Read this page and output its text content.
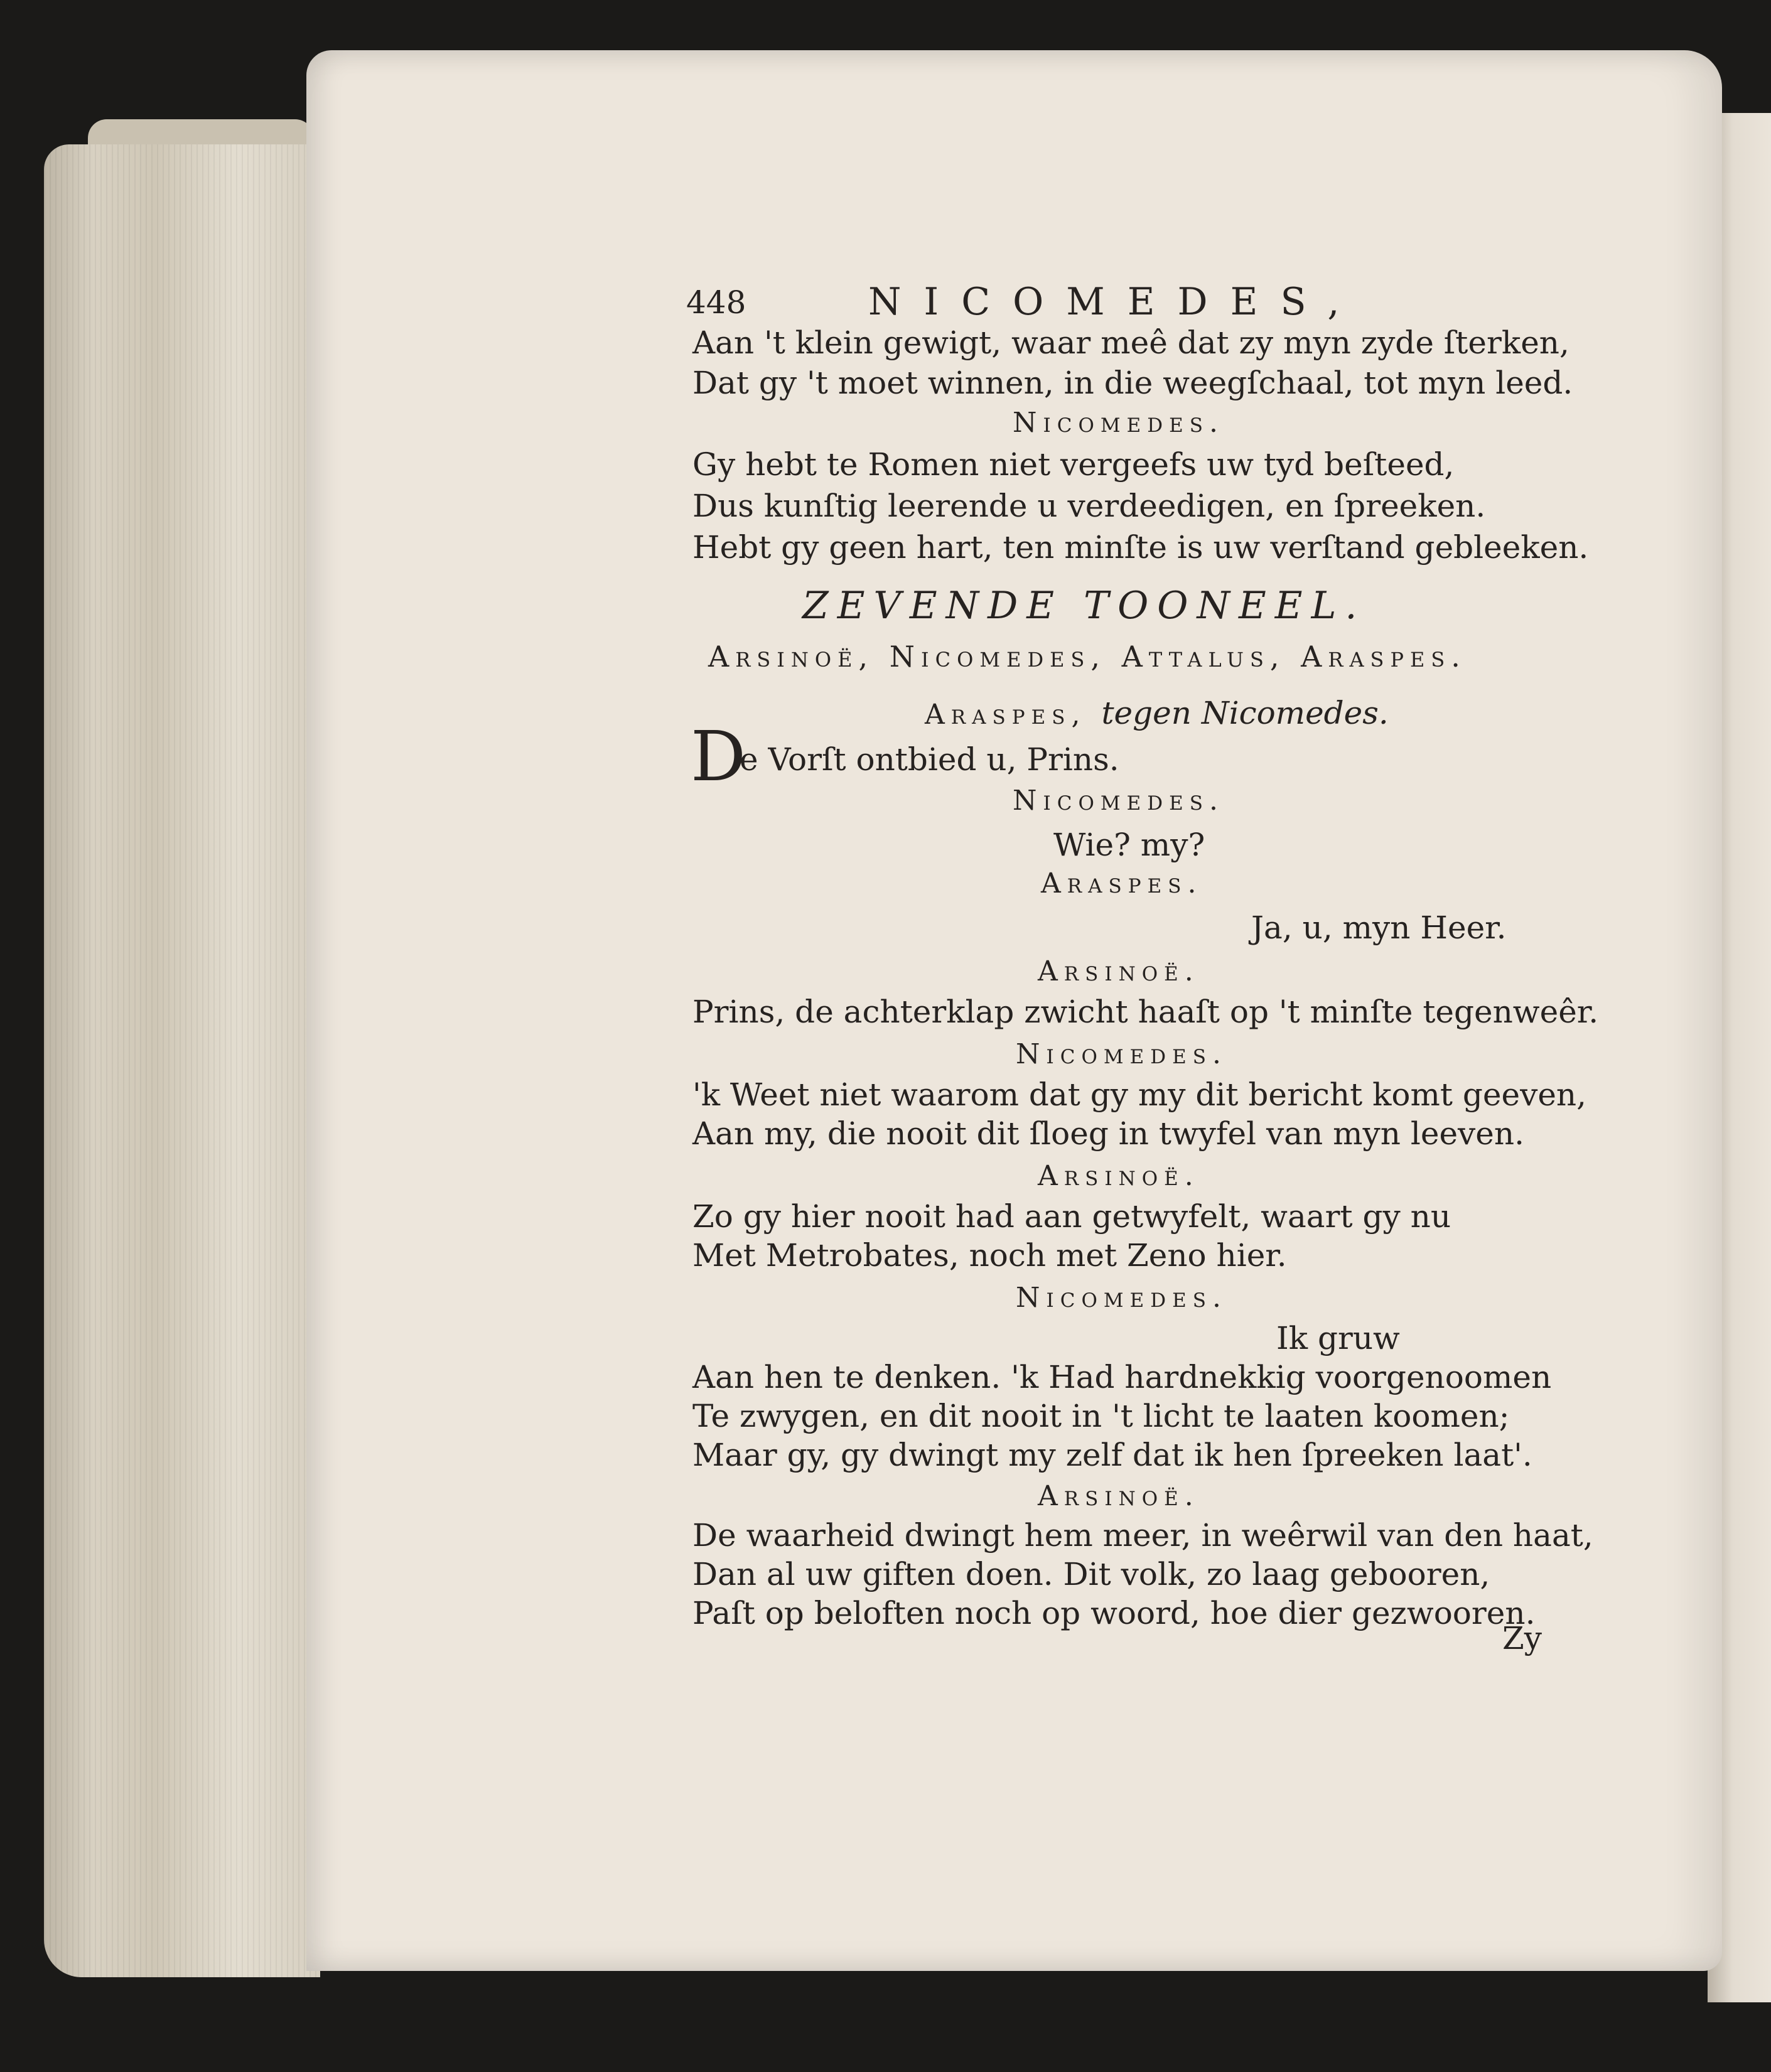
448	NICOMEDES,
Aan 't klein gewigt, waar meê dat zy myn zyde ſterken,
Dat gy 't moet winnen, in die weegſchaal, tot myn leed.
Nicomedes.
Gy hebt te Romen niet vergeefs uw tyd beſteed,
Dus kunſtig leerende u verdeedigen, en ſpreeken.
Hebt gy geen hart, ten minſte is uw verſtand gebleeken.
ZEVENDE TOONEEL.
Arsinoë, Nicomedes, Attalus, Araspes.
Araspes, tegen Nicomedes.
D
e Vorſt ontbied u, Prins.
Nicomedes.
Wie? my?
Araspes.
Ja, u, myn Heer.
Arsinoë.
Prins, de achterklap zwicht haaſt op 't minſte tegenweêr.
Nicomedes.
'k Weet niet waarom dat gy my dit bericht komt geeven,
Aan my, die nooit dit ſloeg in twyfel van myn leeven.
Arsinoë.
Zo gy hier nooit had aan getwyfelt, waart gy nu
Met Metrobates, noch met Zeno hier.
Nicomedes.
Ik gruw
Aan hen te denken. 'k Had hardnekkig voorgenoomen
Te zwygen, en dit nooit in 't licht te laaten koomen;
Maar gy, gy dwingt my zelf dat ik hen ſpreeken laat'.
Arsinoë.
De waarheid dwingt hem meer, in weêrwil van den haat,
Dan al uw giften doen. Dit volk, zo laag gebooren,
Paſt op beloften noch op woord, hoe dier gezwooren.
Zy
